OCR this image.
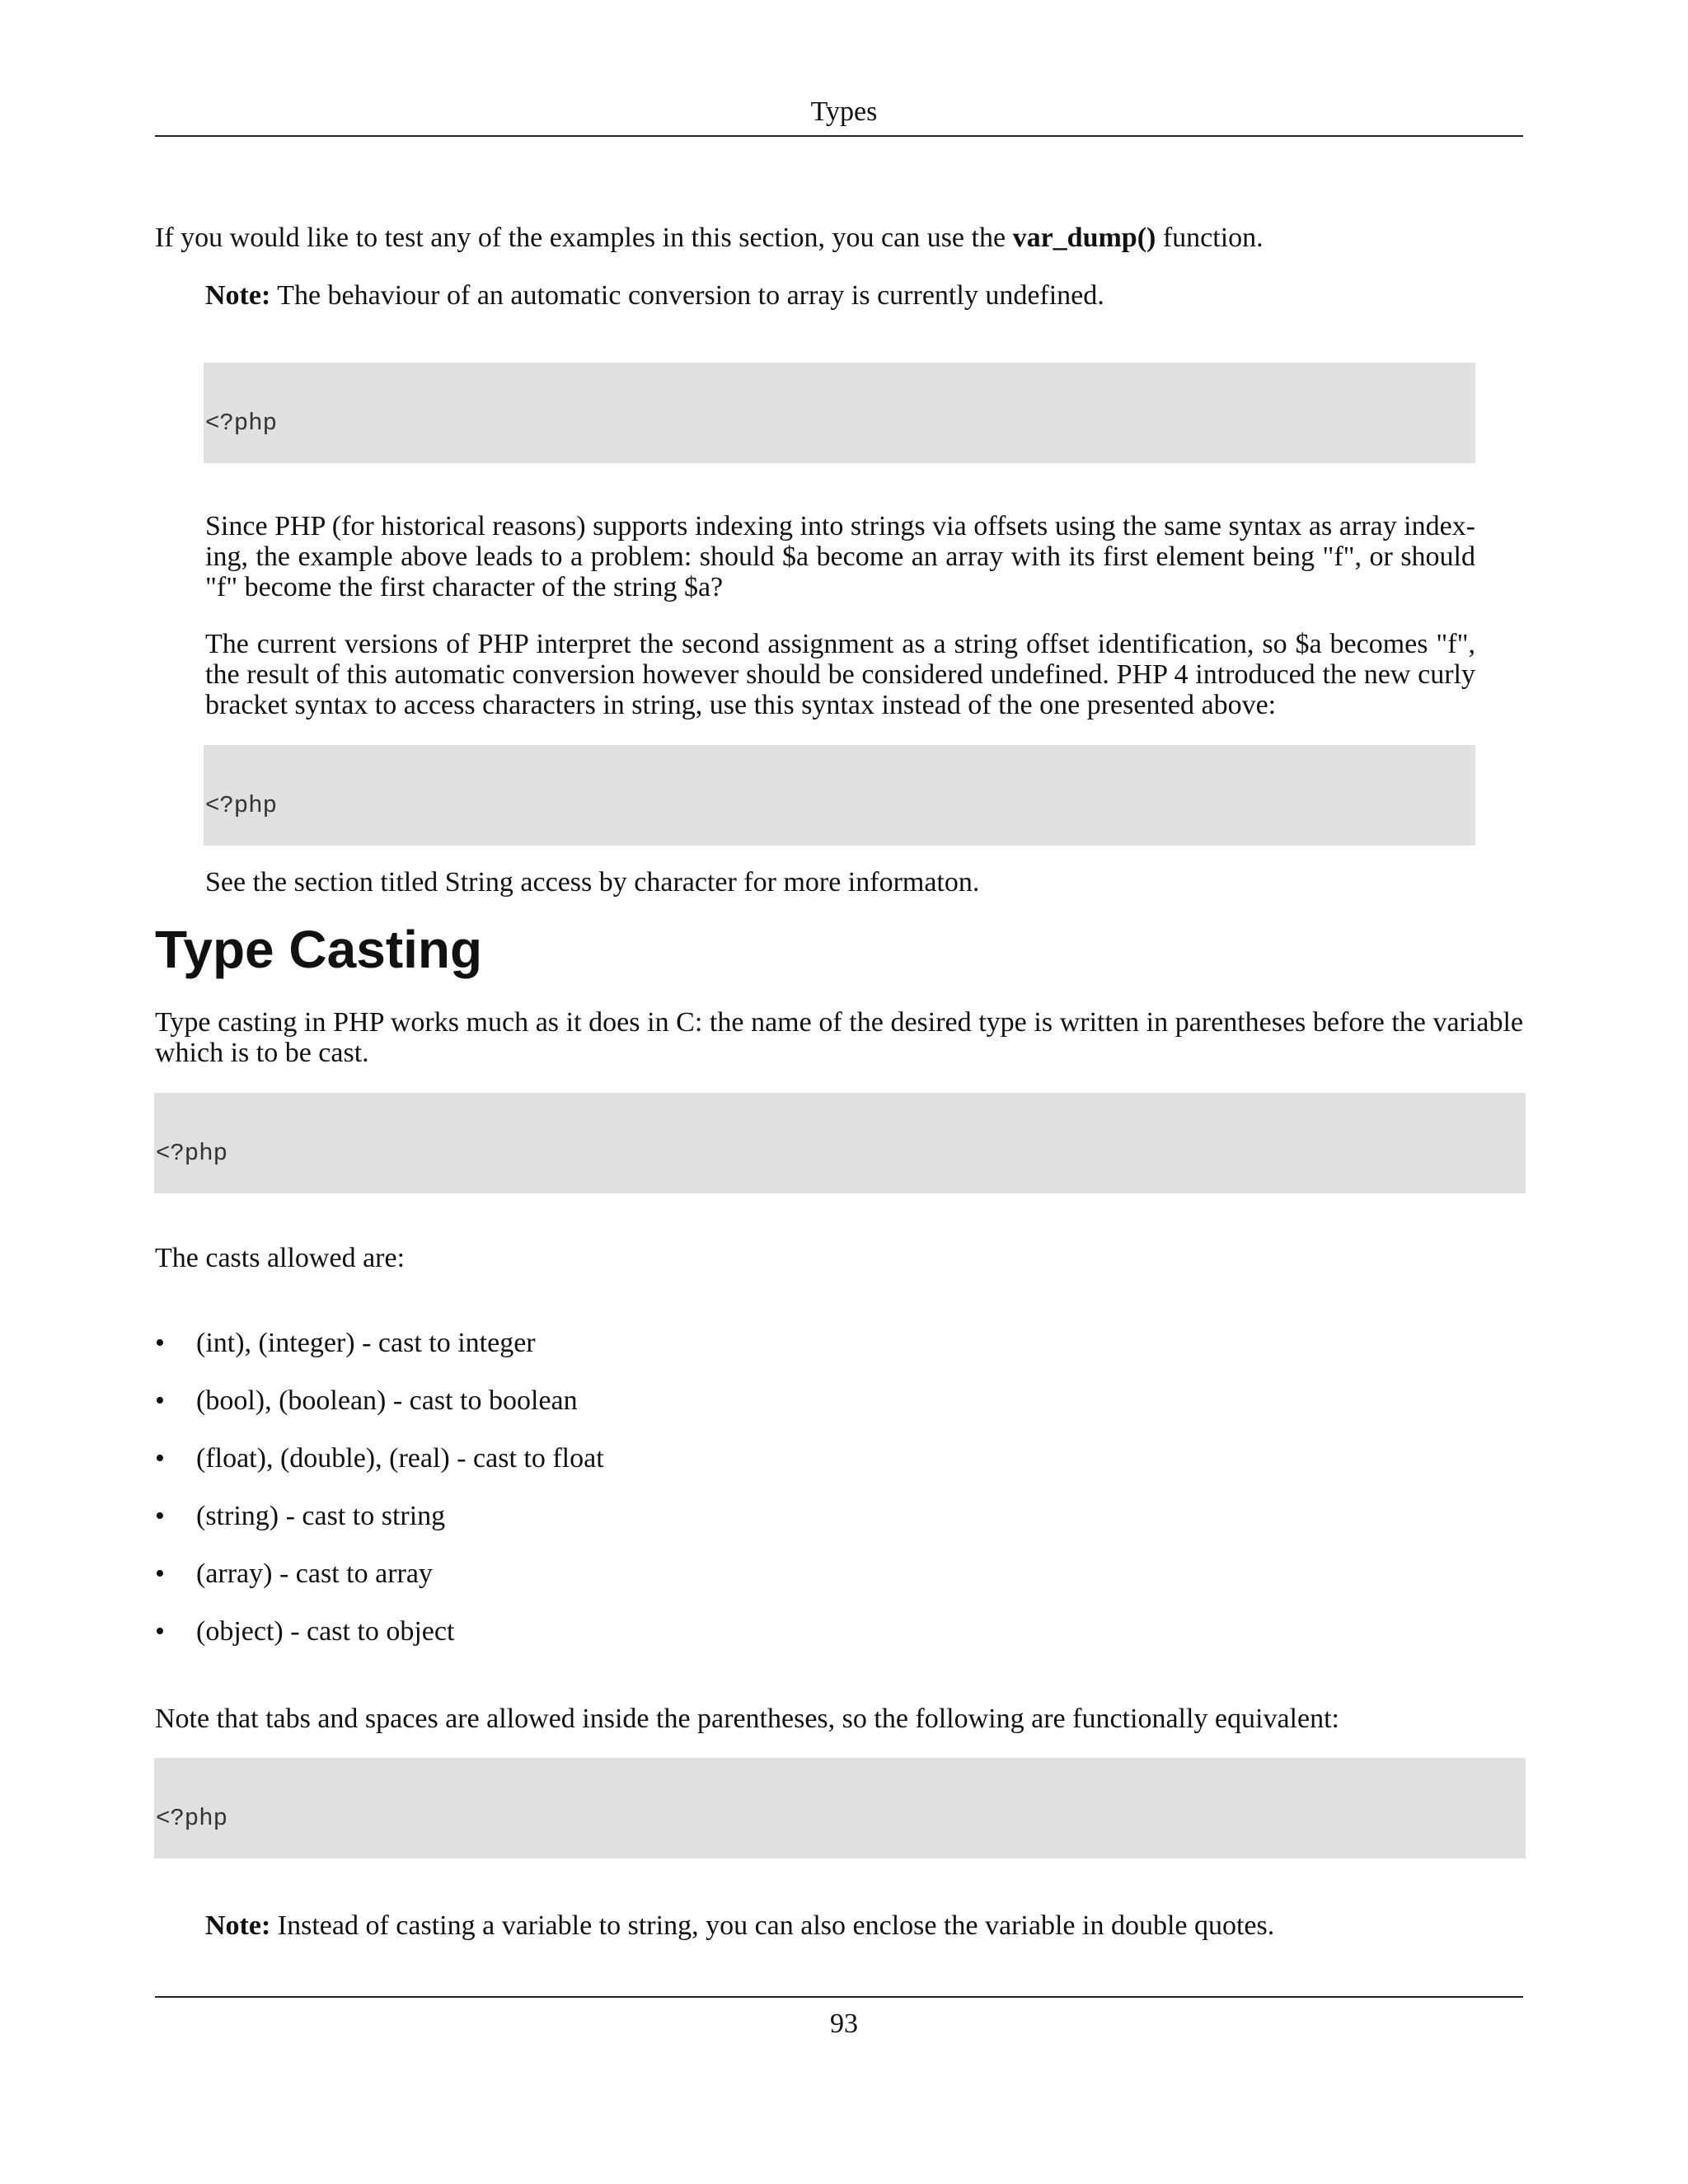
Types
If you would like to test any of the examples in this section, you can use the var_dump() function.
Note: The behaviour of an automatic conversion to array is currently undefined.

<?php

Since PHP (for historical reasons) supports indexing into strings via offsets using the same syntax as array index-ing, the example above leads to a problem: should $a become an array with its first element being "f", or should "f" become the first character of the string $a?
The current versions of PHP interpret the second assignment as a string offset identification, so $a becomes "f", the result of this automatic conversion however should be considered undefined. PHP 4 introduced the new curly bracket syntax to access characters in string, use this syntax instead of the one presented above:

<?php

See the section titled String access by character for more informaton.
Type Casting
Type casting in PHP works much as it does in C: the name of the desired type is written in parentheses before the variable which is to be cast.

<?php

The casts allowed are:
• (int), (integer) - cast to integer
• (bool), (boolean) - cast to boolean
• (float), (double), (real) - cast to float
• (string) - cast to string
• (array) - cast to array
• (object) - cast to object
Note that tabs and spaces are allowed inside the parentheses, so the following are functionally equivalent:

<?php

Note: Instead of casting a variable to string, you can also enclose the variable in double quotes.
93
